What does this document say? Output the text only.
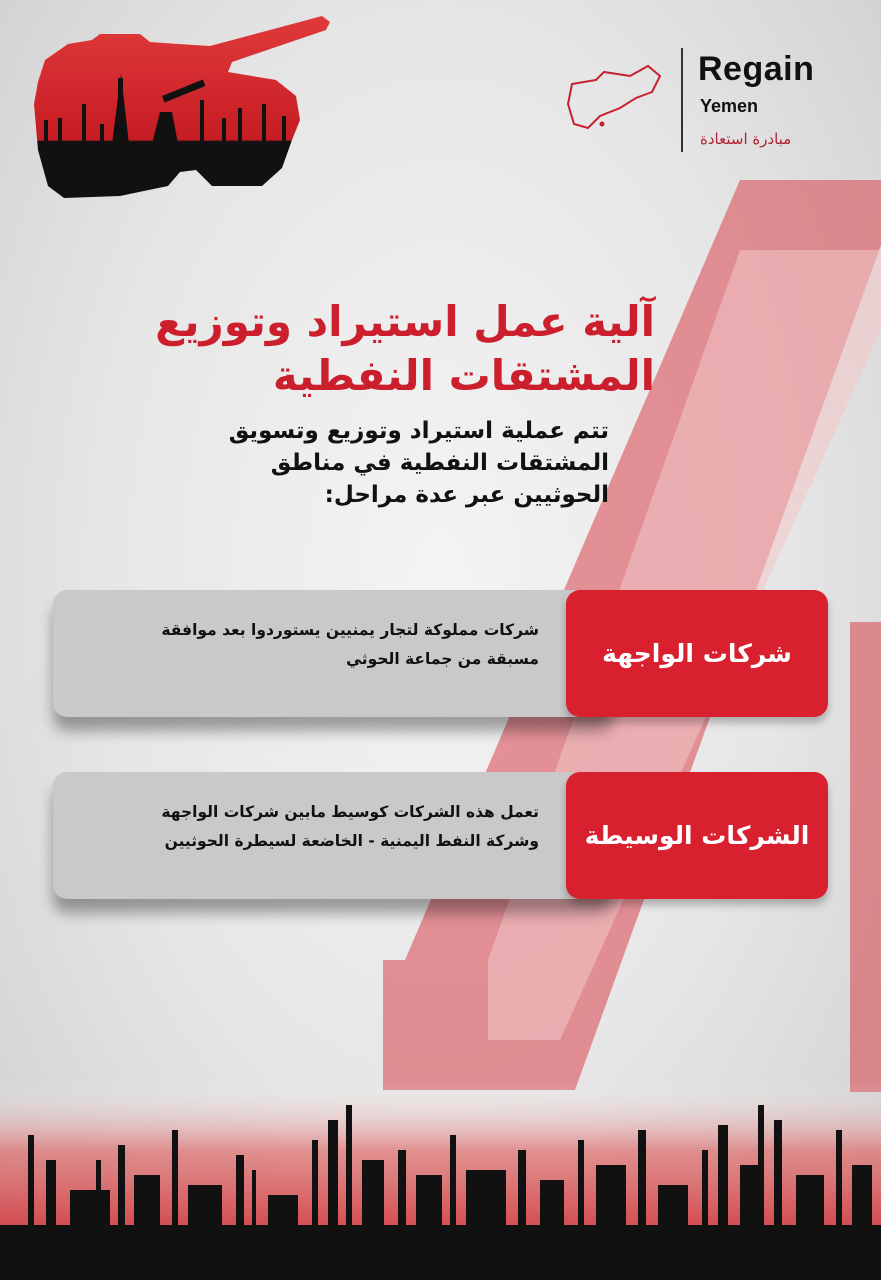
Regain
Yemen
مبادرة استعادة
آلية عمل استيراد وتوزيع
المشتقات النفطية
تتم عملية استيراد وتوزيع وتسويق
المشتقات النفطية في مناطق
الحوثيين عبر عدة مراحل:
شركات مملوكة لتجار يمنيين يستوردوا بعد موافقة
مسبقة من جماعة الحوثي	شركات الواجهة
تعمل هذه الشركات كوسيط مابين شركات الواجهة
وشركة النفط اليمنية - الخاضعة لسيطرة الحوثيين الشركات الوسيطة
